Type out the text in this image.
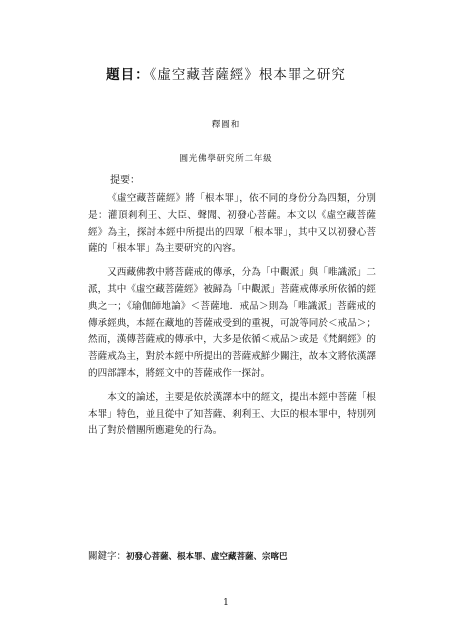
題目：《虛空藏菩薩經》根本罪之研究
釋圓和
圓光佛學研究所二年級
提要：

《虛空藏菩薩經》將「根本罪」，依不同的身份分為四類，分別是：灌頂剎利王、大臣、聲聞、初發心菩薩。本文以《虛空藏菩薩經》為主，探討本經中所提出的四眾「根本罪」，其中又以初發心菩薩的「根本罪」為主要研究的內容。

又西藏佛教中將菩薩戒的傳承，分為「中觀派」與「唯識派」二派，其中《虛空藏菩薩經》被歸為「中觀派」菩薩戒傳承所依循的經典之一；《瑜伽師地論》＜菩薩地．戒品＞則為「唯識派」菩薩戒的傳承經典，本經在藏地的菩薩戒受到的重視，可說等同於＜戒品＞；然而，漢傳菩薩戒的傳承中，大多是依循＜戒品＞或是《梵網經》的菩薩戒為主，對於本經中所提出的菩薩戒鮮少關注，故本文將依漢譯的四部譯本，將經文中的菩薩戒作一探討。

本文的論述，主要是依於漢譯本中的經文，提出本經中菩薩「根本罪」特色，並且從中了知菩薩、剎利王、大臣的根本罪中，特別列出了對於僧團所應避免的行為。

關鍵字：初發心菩薩、根本罪、虛空藏菩薩、宗喀巴
1
